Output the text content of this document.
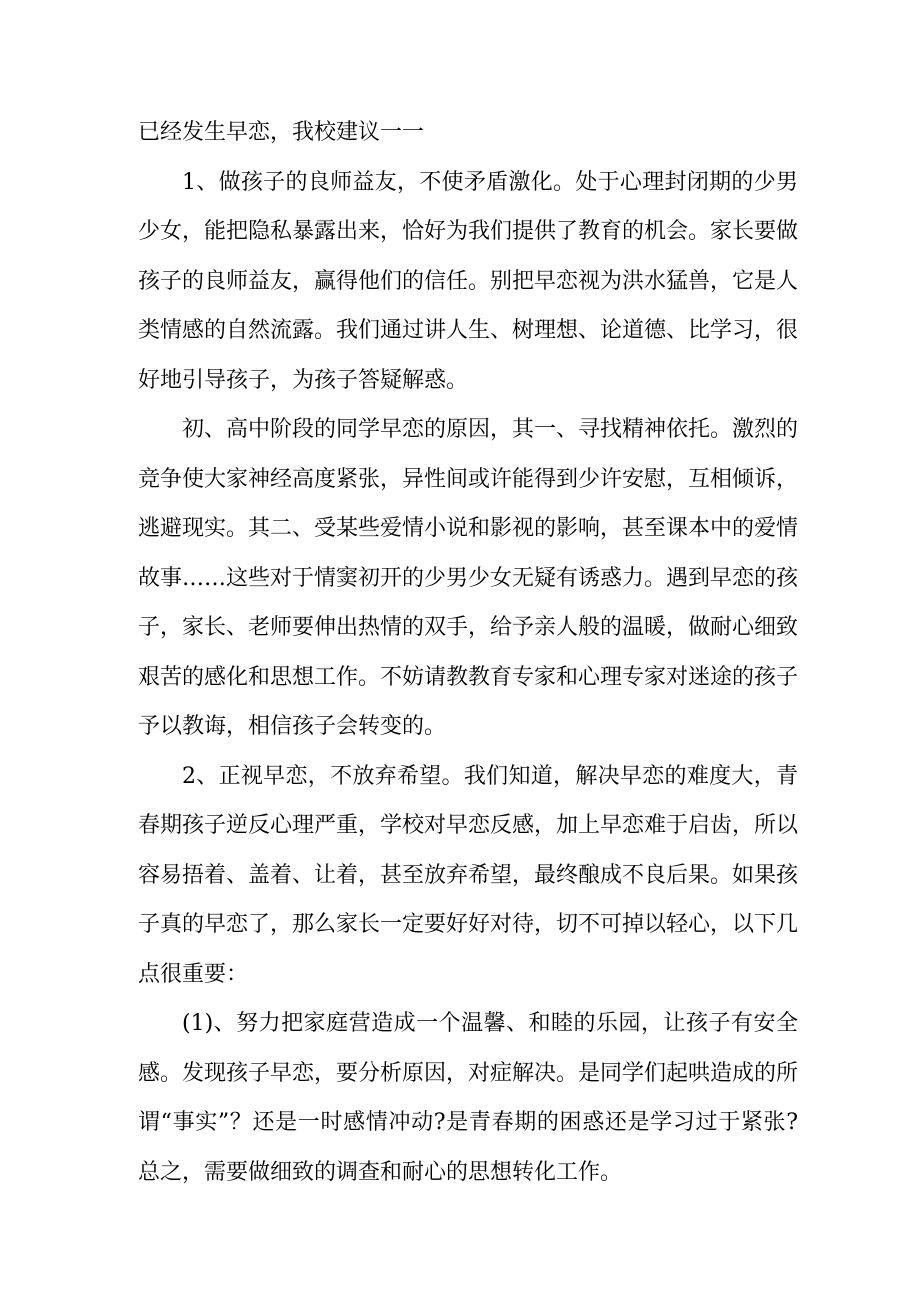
已经发生早恋，我校建议一一

1、做孩子的良师益友，不使矛盾激化。处于心理封闭期的少男少女，能把隐私暴露出来，恰好为我们提供了教育的机会。家长要做孩子的良师益友，赢得他们的信任。别把早恋视为洪水猛兽，它是人类情感的自然流露。我们通过讲人生、树理想、论道德、比学习，很好地引导孩子，为孩子答疑解惑。

初、高中阶段的同学早恋的原因，其一、寻找精神依托。激烈的竞争使大家神经高度紧张，异性间或许能得到少许安慰，互相倾诉，逃避现实。其二、受某些爱情小说和影视的影响，甚至课本中的爱情故事……这些对于情窦初开的少男少女无疑有诱惑力。遇到早恋的孩子，家长、老师要伸出热情的双手，给予亲人般的温暖，做耐心细致艰苦的感化和思想工作。不妨请教教育专家和心理专家对迷途的孩子予以教诲，相信孩子会转变的。

2、正视早恋，不放弃希望。我们知道，解决早恋的难度大，青春期孩子逆反心理严重，学校对早恋反感，加上早恋难于启齿，所以容易捂着、盖着、让着，甚至放弃希望，最终酿成不良后果。如果孩子真的早恋了，那么家长一定要好好对待，切不可掉以轻心，以下几点很重要：

(1)、努力把家庭营造成一个温馨、和睦的乐园，让孩子有安全感。发现孩子早恋，要分析原因，对症解决。是同学们起哄造成的所谓“事实”？还是一时感情冲动?是青春期的困惑还是学习过于紧张?总之，需要做细致的调查和耐心的思想转化工作。
